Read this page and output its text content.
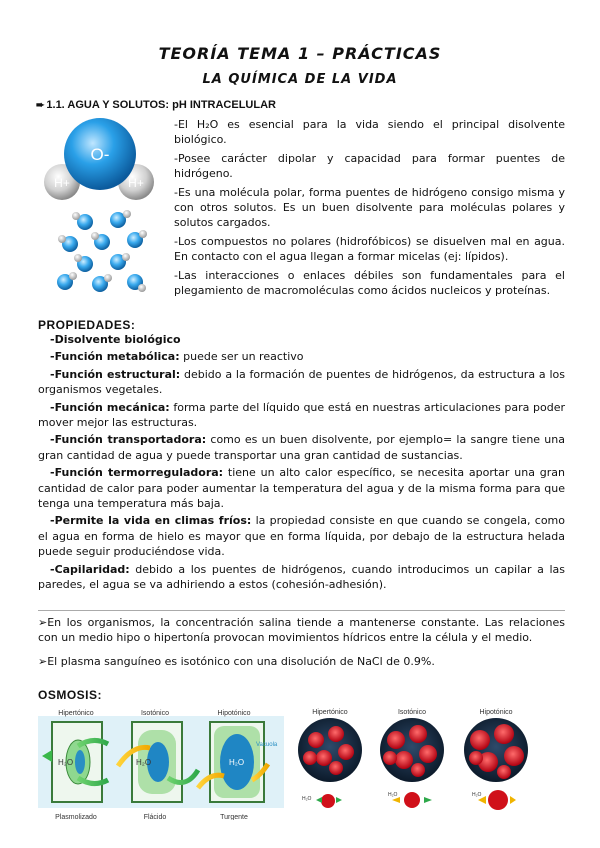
TEORÍA TEMA 1 – PRÁCTICAS
LA QUÍMICA DE LA VIDA
➨ 1.1. AGUA Y SOLUTOS: pH INTRACELULAR
O-
H+	H+

-El H₂O es esencial para la vida siendo el principal disolvente biológico.

-Posee carácter dipolar y capacidad para formar puentes de hidrógeno.

-Es una molécula polar, forma puentes de hidrógeno consigo misma y con otros solutos. Es un buen disolvente para moléculas polares y solutos cargados.

-Los compuestos no polares (hidrofóbicos) se disuelven mal en agua. En contacto con el agua llegan a formar micelas (ej: lípidos).

-Las interacciones o enlaces débiles son fundamentales para el plegamiento de macromoléculas como ácidos nucleicos y proteínas.

PROPIEDADES:

-Disolvente biológico

-Función metabólica: puede ser un reactivo

-Función estructural: debido a la formación de puentes de hidrógenos, da estructura a los organismos vegetales.

-Función mecánica: forma parte del líquido que está en nuestras articulaciones para poder mover mejor las estructuras.

-Función transportadora: como es un buen disolvente, por ejemplo= la sangre tiene una gran cantidad de agua y puede transportar una gran cantidad de sustancias.

-Función termorreguladora: tiene un alto calor específico, se necesita aportar una gran cantidad de calor para poder aumentar la temperatura del agua y de la misma forma para que tenga una temperatura más baja.

-Permite la vida en climas fríos: la propiedad consiste en que cuando se congela, como el agua en forma de hielo es mayor que en forma líquida, por debajo de la estructura helada puede seguir produciéndose vida.

-Capilaridad: debido a los puentes de hidrógenos, cuando introducimos un capilar a las paredes, el agua se va adhiriendo a estos (cohesión-adhesión).

➢En los organismos, la concentración salina tiende a mantenerse constante. Las relaciones con un medio hipo o hipertonía provocan movimientos hídricos entre la célula y el medio.

➢El plasma sanguíneo es isotónico con una disolución de NaCl de 0.9%.

OSMOSIS:
Hipertónico	Isotónico	Hipotónico
H₂O	H₂O	H₂O
Vacuola
Plasmolizado	Flácido	Turgente
Hipertónico	Isotónico	Hipotónico
H₂O
H₂O	H₂O
